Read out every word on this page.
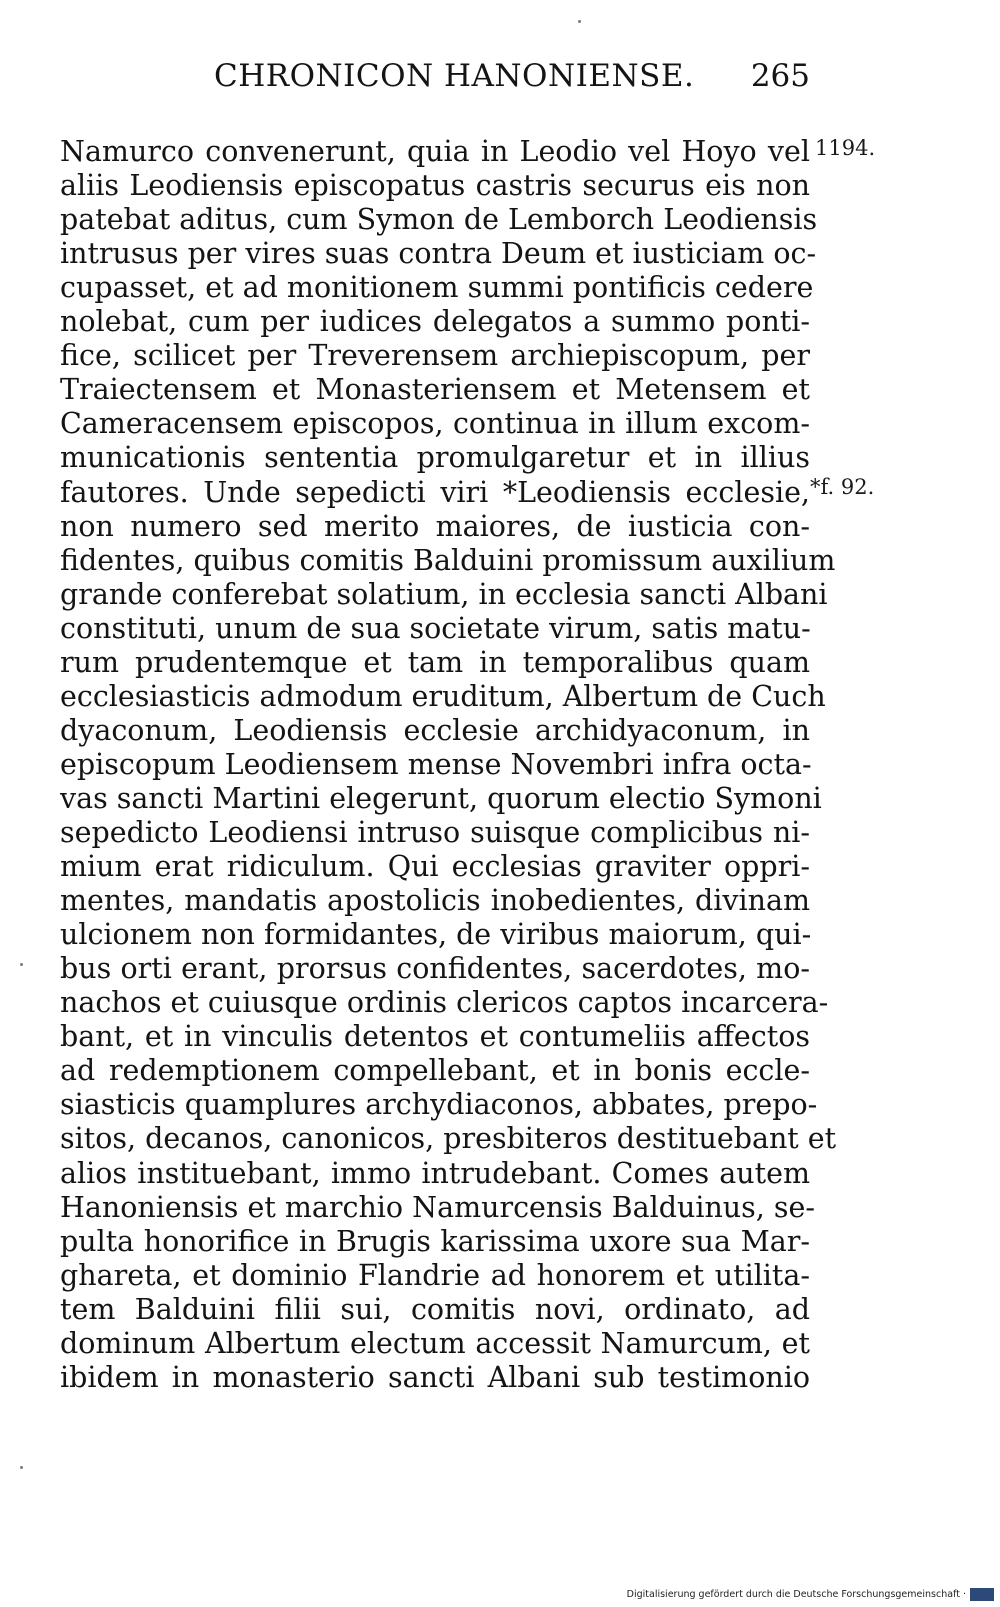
CHRONICON HANONIENSE. 265
Namurco convenerunt, quia in Leodio vel Hoyo vel
aliis Leodiensis episcopatus castris securus eis non
patebat aditus, cum Symon de Lemborch Leodiensis
intrusus per vires suas contra Deum et iusticiam oc-
cupasset, et ad monitionem summi pontificis cedere
nolebat, cum per iudices delegatos a summo ponti-
fice, scilicet per Treverensem archiepiscopum, per
Traiectensem et Monasteriensem et Metensem et
Cameracensem episcopos, continua in illum excom-
municationis sententia promulgaretur et in illius
fautores. Unde sepedicti viri *Leodiensis ecclesie,
non numero sed merito maiores, de iusticia con-
fidentes, quibus comitis Balduini promissum auxilium
grande conferebat solatium, in ecclesia sancti Albani
constituti, unum de sua societate virum, satis matu-
rum prudentemque et tam in temporalibus quam
ecclesiasticis admodum eruditum, Albertum de Cuch
dyaconum, Leodiensis ecclesie archidyaconum, in
episcopum Leodiensem mense Novembri infra octa-
vas sancti Martini elegerunt, quorum electio Symoni
sepedicto Leodiensi intruso suisque complicibus ni-
mium erat ridiculum. Qui ecclesias graviter oppri-
mentes, mandatis apostolicis inobedientes, divinam
ulcionem non formidantes, de viribus maiorum, qui-
bus orti erant, prorsus confidentes, sacerdotes, mo-
nachos et cuiusque ordinis clericos captos incarcera-
bant, et in vinculis detentos et contumeliis affectos
ad redemptionem compellebant, et in bonis eccle-
siasticis quamplures archydiaconos, abbates, prepo-
sitos, decanos, canonicos, presbiteros destituebant et
alios instituebant, immo intrudebant. Comes autem
Hanoniensis et marchio Namurcensis Balduinus, se-
pulta honorifice in Brugis karissima uxore sua Mar-
ghareta, et dominio Flandrie ad honorem et utilita-
tem Balduini filii sui, comitis novi, ordinato, ad
dominum Albertum electum accessit Namurcum, et
ibidem in monasterio sancti Albani sub testimonio
1194.
*f. 92.
Digitalisierung gefördert durch die Deutsche Forschungsgemeinschaft ·
